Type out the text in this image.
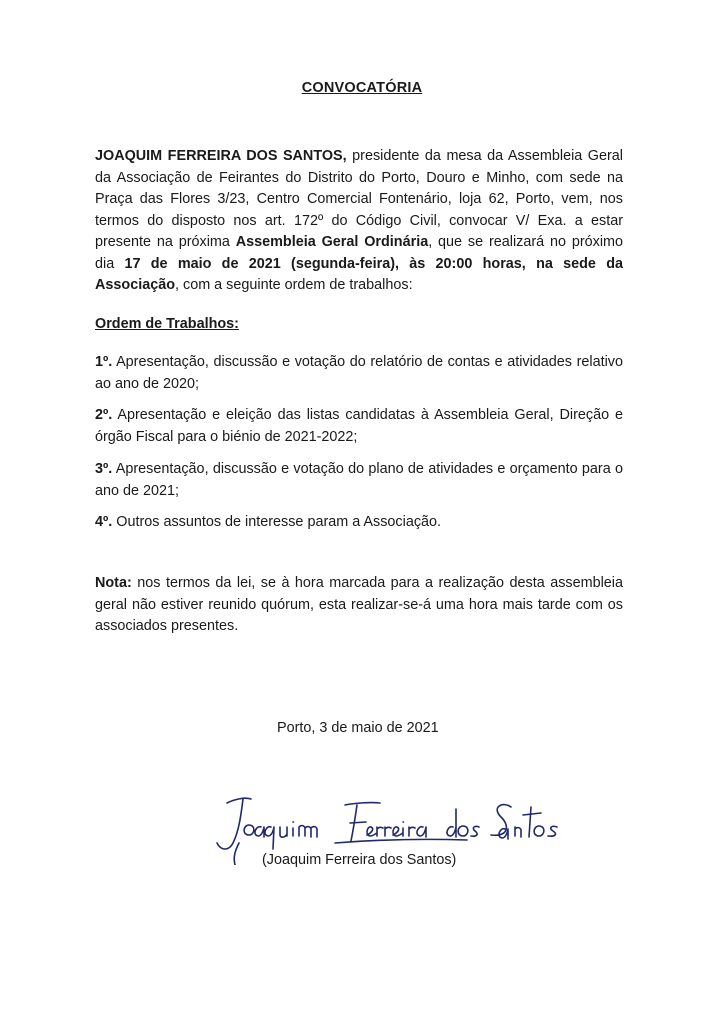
CONVOCATÓRIA
JOAQUIM FERREIRA DOS SANTOS, presidente da mesa da Assembleia Geral da Associação de Feirantes do Distrito do Porto, Douro e Minho, com sede na Praça das Flores 3/23, Centro Comercial Fontenário, loja 62, Porto, vem, nos termos do disposto nos art. 172º do Código Civil, convocar V/ Exa. a estar presente na próxima Assembleia Geral Ordinária, que se realizará no próximo dia 17 de maio de 2021 (segunda-feira), às 20:00 horas, na sede da Associação, com a seguinte ordem de trabalhos:
Ordem de Trabalhos:
1º. Apresentação, discussão e votação do relatório de contas e atividades relativo ao ano de 2020;
2º. Apresentação e eleição das listas candidatas à Assembleia Geral, Direção e órgão Fiscal para o biénio de 2021-2022;
3º. Apresentação, discussão e votação do plano de atividades e orçamento para o ano de 2021;
4º. Outros assuntos de interesse param a Associação.
Nota: nos termos da lei, se à hora marcada para a realização desta assembleia geral não estiver reunido quórum, esta realizar-se-á uma hora mais tarde com os associados presentes.
Porto, 3 de maio de 2021
(Joaquim Ferreira dos Santos)
